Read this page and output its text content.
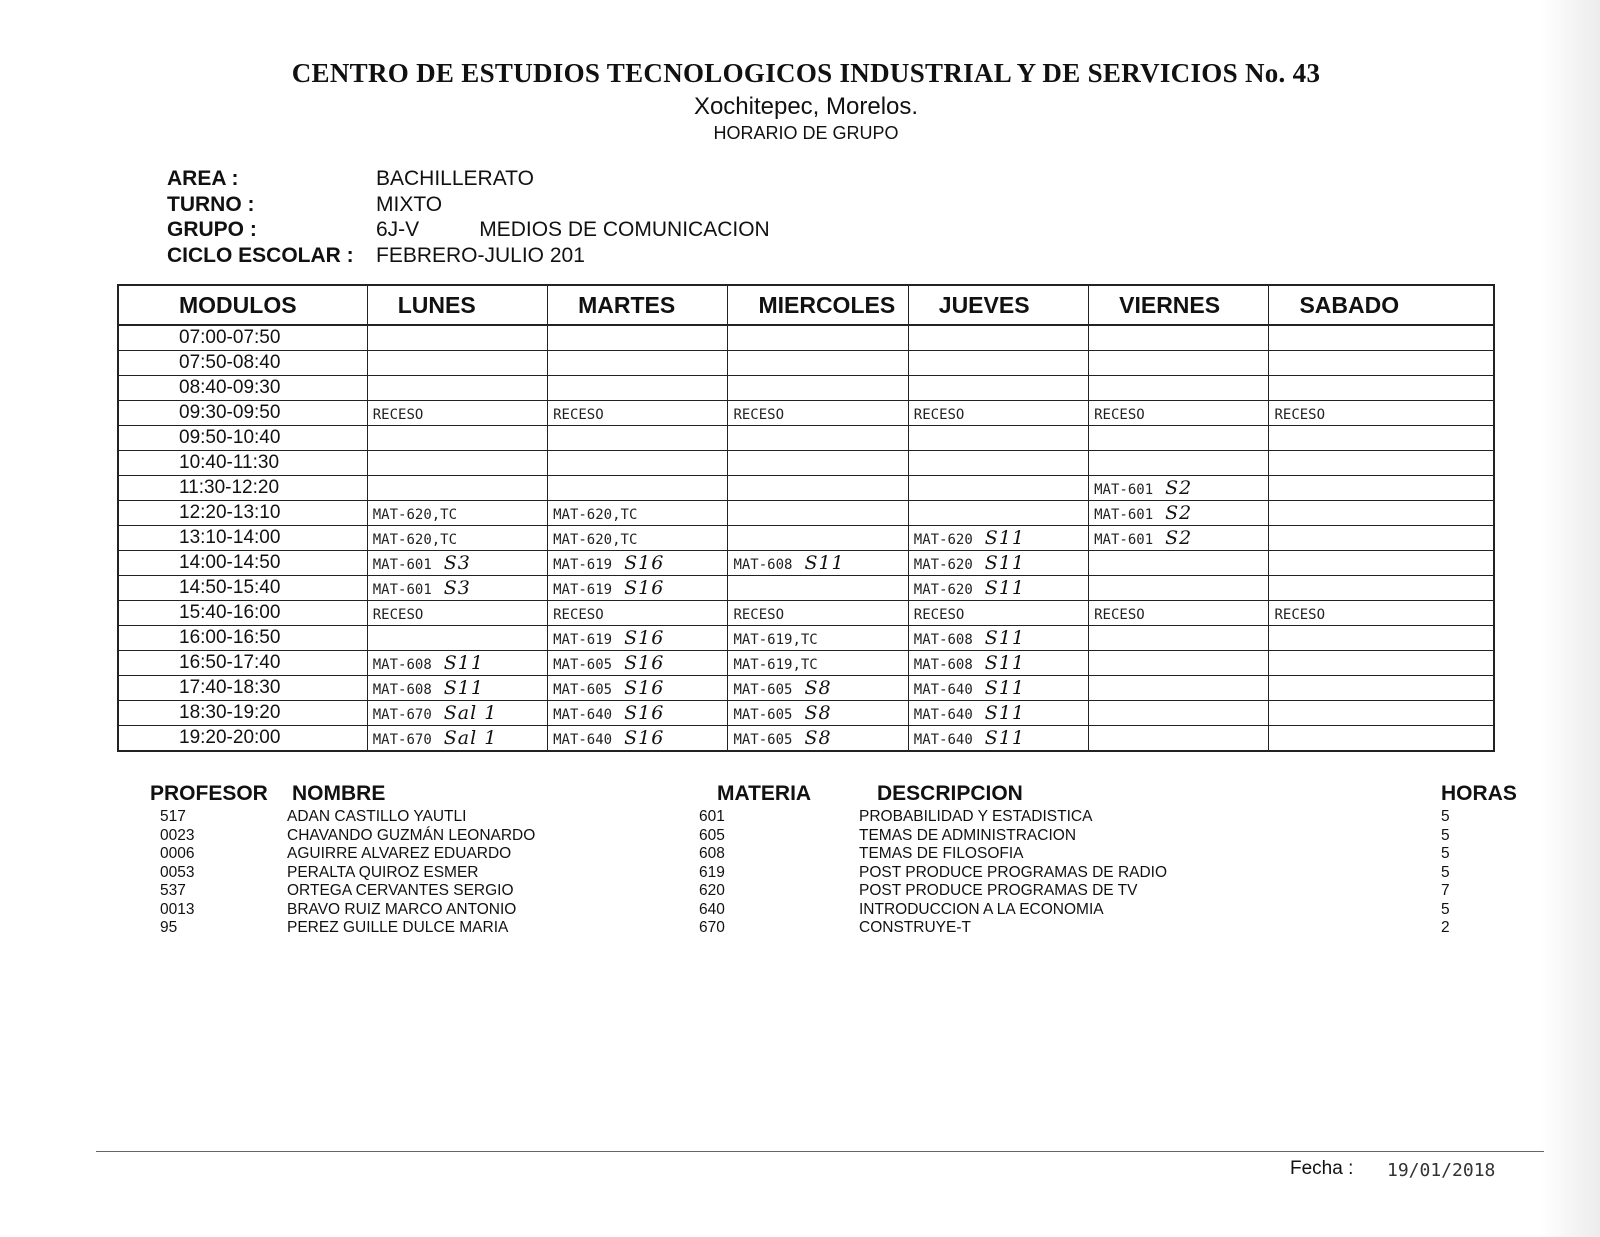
CENTRO DE ESTUDIOS TECNOLOGICOS INDUSTRIAL Y DE SERVICIOS No. 43
Xochitepec, Morelos.
HORARIO DE GRUPO
AREA :	BACHILLERATO
TURNO :	MIXTO
GRUPO :	6J-V	MEDIOS DE COMUNICACION
CICLO ESCOLAR :	FEBRERO-JULIO 201
MODULOS	LUNES	MARTES	MIERCOLES	JUEVES	VIERNES	SABADO
07:00-07:50						
07:50-08:40						
08:40-09:30						
09:30-09:50	RECESO	RECESO	RECESO	RECESO	RECESO	RECESO
09:50-10:40						
10:40-11:30						
11:30-12:20					MAT-601 S2	
12:20-13:10	MAT-620,TC	MAT-620,TC			MAT-601 S2	
13:10-14:00	MAT-620,TC	MAT-620,TC		MAT-620 S11	MAT-601 S2	
14:00-14:50	MAT-601 S3	MAT-619 S16	MAT-608 S11	MAT-620 S11		
14:50-15:40	MAT-601 S3	MAT-619 S16		MAT-620 S11		
15:40-16:00	RECESO	RECESO	RECESO	RECESO	RECESO	RECESO
16:00-16:50		MAT-619 S16	MAT-619,TC	MAT-608 S11		
16:50-17:40	MAT-608 S11	MAT-605 S16	MAT-619,TC	MAT-608 S11		
17:40-18:30	MAT-608 S11	MAT-605 S16	MAT-605 S8	MAT-640 S11		
18:30-19:20	MAT-670 Sal 1	MAT-640 S16	MAT-605 S8	MAT-640 S11		
19:20-20:00	MAT-670 Sal 1	MAT-640 S16	MAT-605 S8	MAT-640 S11		
PROFESOR NOMBRE	MATERIA	DESCRIPCION	HORAS
517	ADAN CASTILLO YAUTLI	601	PROBABILIDAD Y ESTADISTICA	5
0023	CHAVANDO GUZMÁN LEONARDO	605	TEMAS DE ADMINISTRACION	5
0006	AGUIRRE ALVAREZ EDUARDO	608	TEMAS DE FILOSOFIA	5
0053	PERALTA QUIROZ ESMER	619	POST PRODUCE PROGRAMAS DE RADIO	5
537	ORTEGA CERVANTES SERGIO	620	POST PRODUCE PROGRAMAS DE TV	7
0013	BRAVO RUIZ MARCO ANTONIO	640	INTRODUCCION A LA ECONOMIA	5
95	PEREZ GUILLE DULCE MARIA	670	CONSTRUYE-T	2
Fecha : 19/01/2018
